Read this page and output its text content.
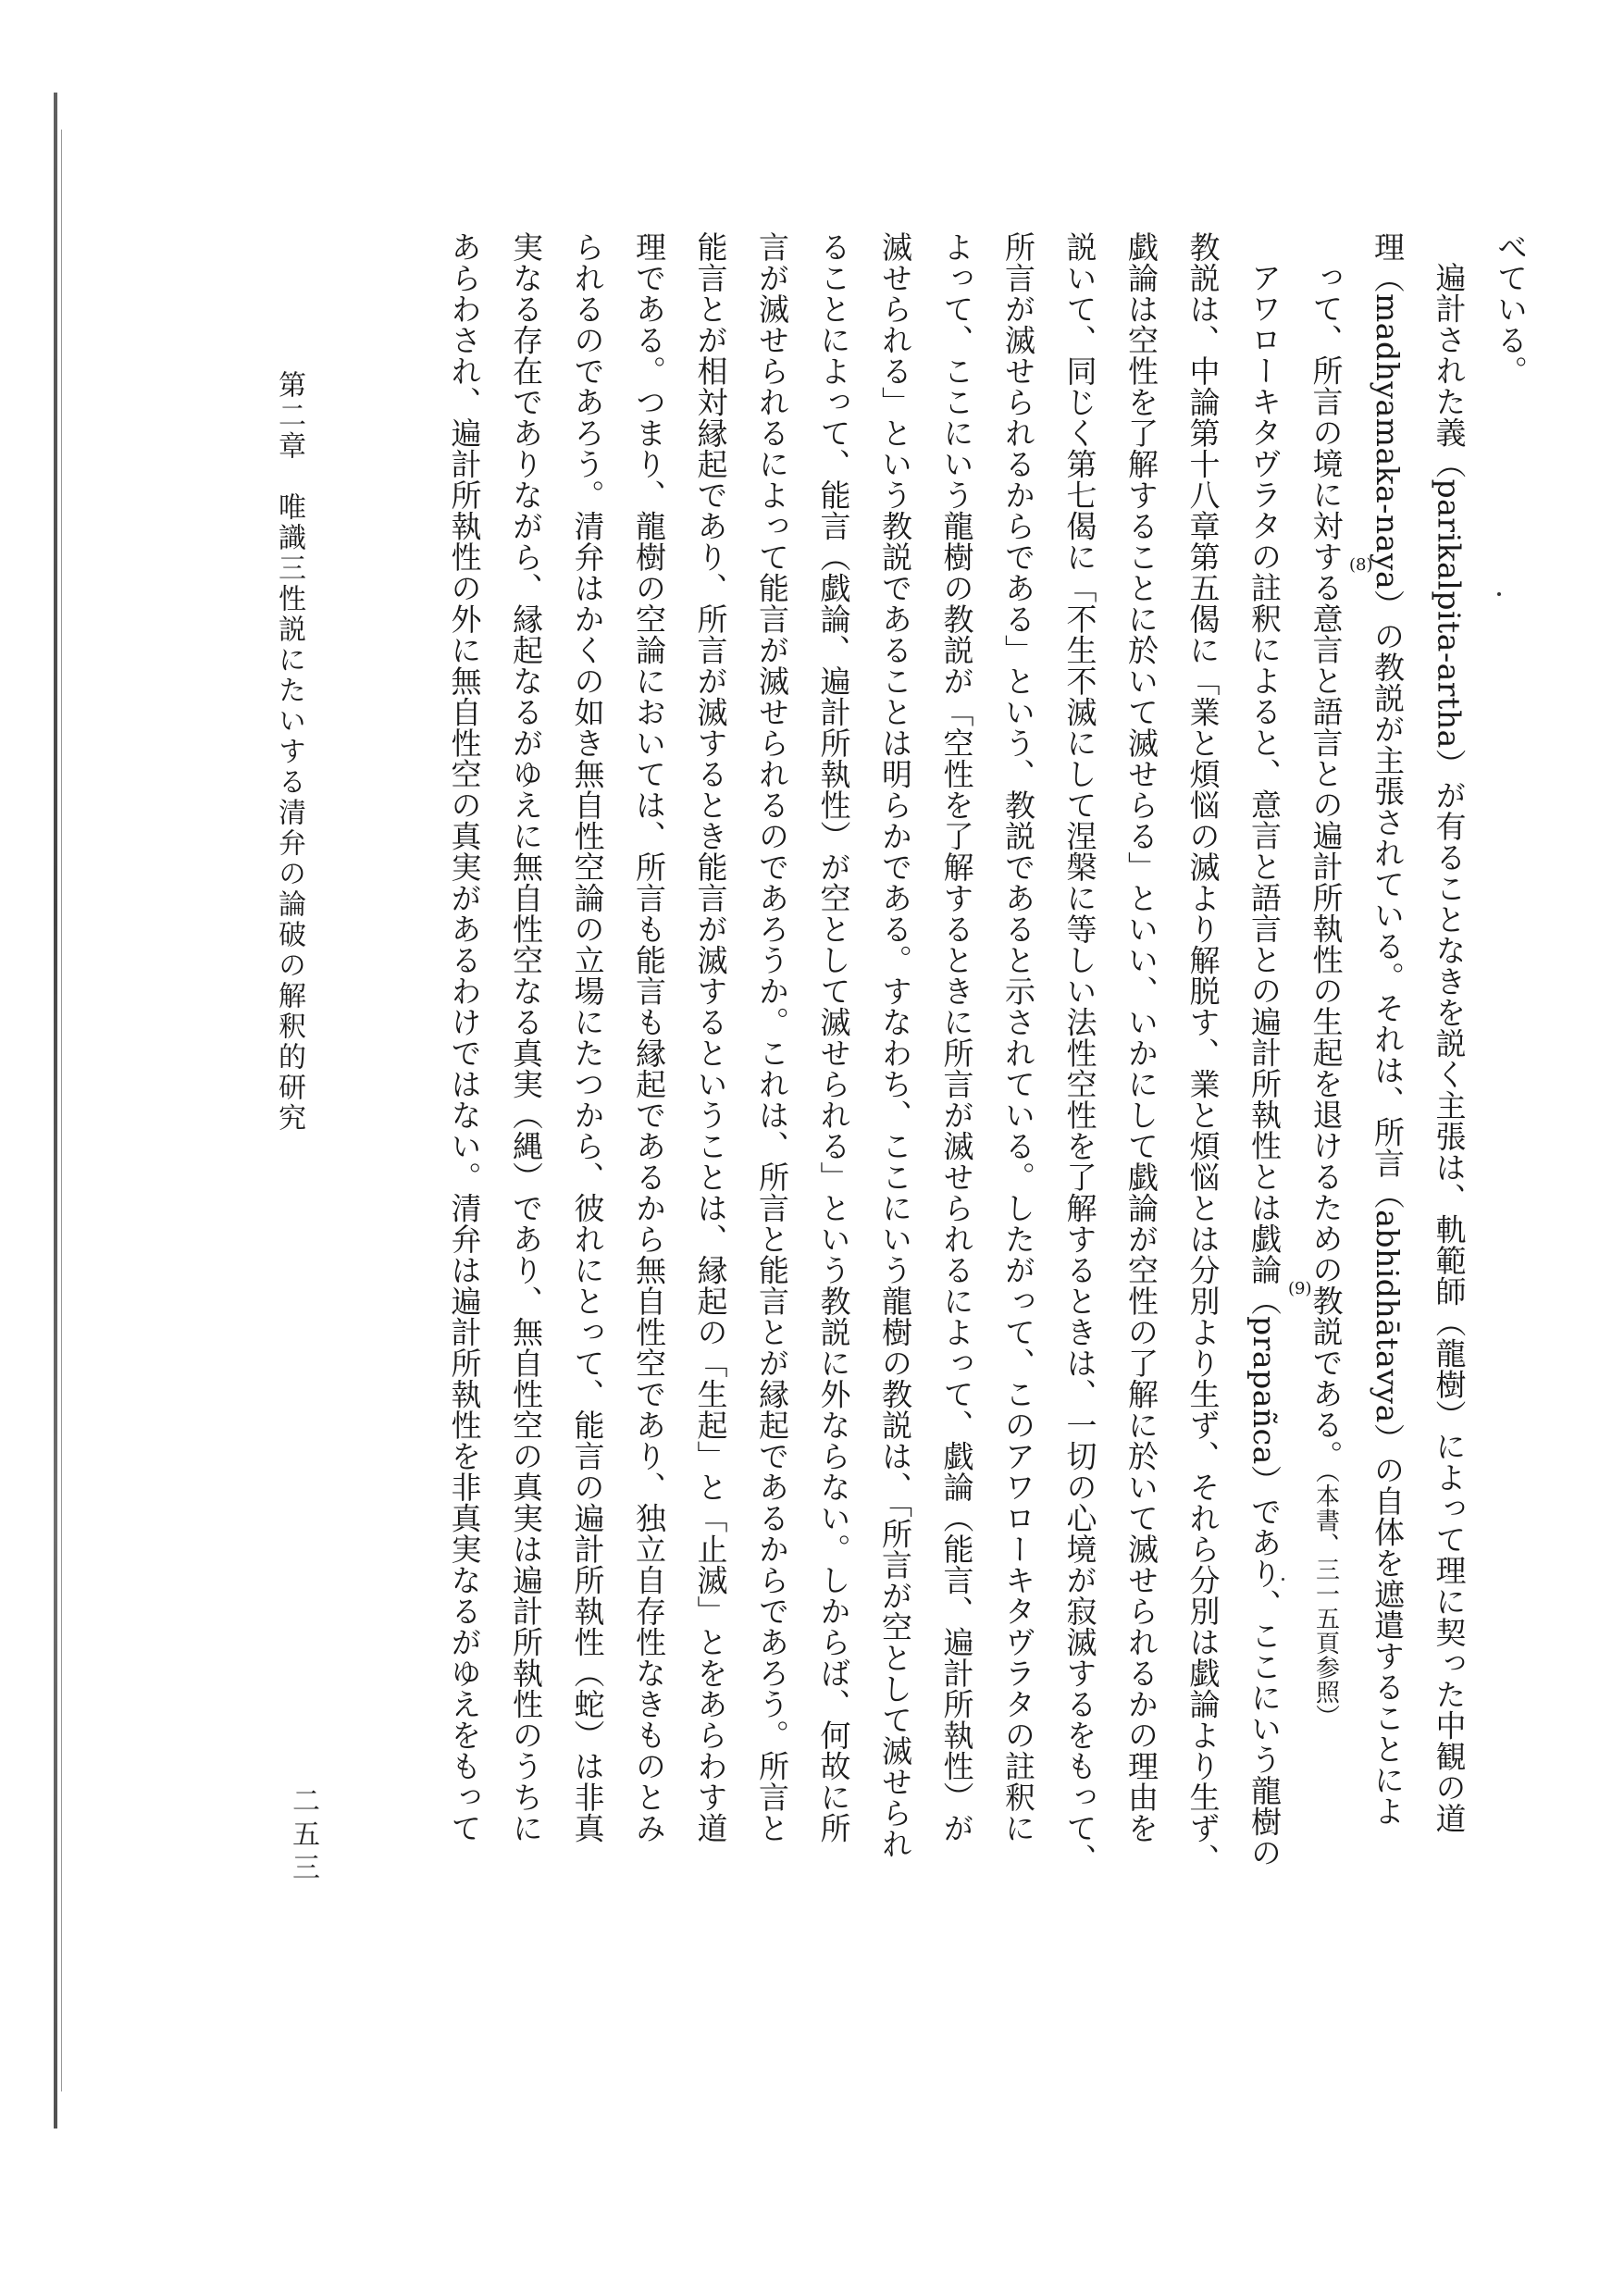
べている。
遍計された義（parikalpita-artha）が有ることなきを説く主張は、軌範師（龍樹）によって理に契った中観の道
理（madhyamaka-naya）の教説が主張されている。それは、所言（abhidhātavya）の自体を遮遣することによ
って、所言の境に対する意言と語言との遍計所執性の生起を退けるための教説である。（本書、三一五頁参照）
アワローキタヴラタの註釈によると、意言と語言との遍計所執性とは戯論（prapañca）であり、ここにいう龍樹の
教説は、中論第十八章第五偈に「業と煩悩の滅より解脱す、業と煩悩とは分別より生ず、それら分別は戯論より生ず、
戯論は空性を了解することに於いて滅せらる」といい、いかにして戯論が空性の了解に於いて滅せられるかの理由を
説いて、同じく第七偈に「不生不滅にして涅槃に等しい法性空性を了解するときは、一切の心境が寂滅するをもって、
所言が滅せられるからである」という、教説であると示されている。したがって、このアワローキタヴラタの註釈に
よって、ここにいう龍樹の教説が「空性を了解するときに所言が滅せられるによって、戯論（能言、遍計所執性）が
滅せられる」という教説であることは明らかである。すなわち、ここにいう龍樹の教説は、「所言が空として滅せられ
ることによって、能言（戯論、遍計所執性）が空として滅せられる」という教説に外ならない。しからば、何故に所
言が滅せられるによって能言が滅せられるのであろうか。これは、所言と能言とが縁起であるからであろう。所言と
能言とが相対縁起であり、所言が滅するとき能言が滅するということは、縁起の「生起」と「止滅」とをあらわす道
理である。つまり、龍樹の空論においては、所言も能言も縁起であるから無自性空であり、独立自存性なきものとみ
られるのであろう。清弁はかくの如き無自性空論の立場にたつから、彼れにとって、能言の遍計所執性（蛇）は非真
実なる存在でありながら、縁起なるがゆえに無自性空なる真実（縄）であり、無自性空の真実は遍計所執性のうちに
あらわされ、遍計所執性の外に無自性空の真実があるわけではない。清弁は遍計所執性を非真実なるがゆえをもって	(8)
(9)
第二章　唯識三性説にたいする清弁の論破の解釈的研究
二五三
